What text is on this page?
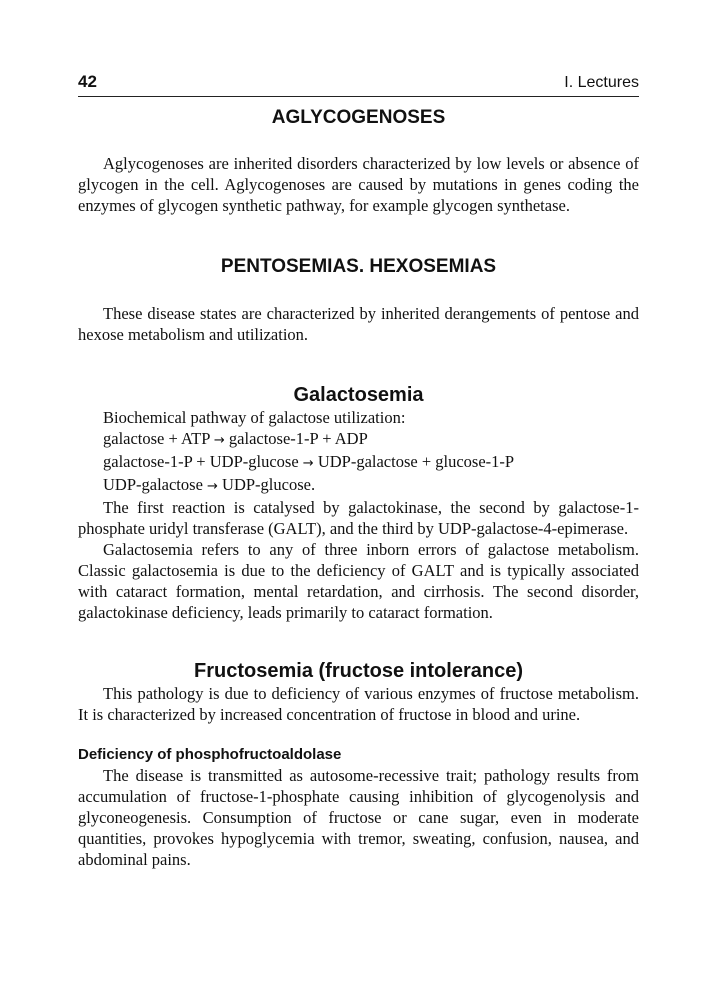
42	I. Lectures
AGLYCOGENOSES

Aglycogenoses are inherited disorders characterized by low levels or absence of glycogen in the cell. Aglycogenoses are caused by mutations in genes coding the enzymes of glycogen synthetic pathway, for example glycogen synthetase.

PENTOSEMIAS. HEXOSEMIAS

These disease states are characterized by inherited derangements of pentose and hexose metabolism and utilization.

Galactosemia

Biochemical pathway of galactose utilization:

galactose + ATP → galactose-1-P + ADP
galactose-1-P + UDP-glucose → UDP-galactose + glucose-1-P
UDP-galactose → UDP-glucose.

The first reaction is catalysed by galactokinase, the second by galactose-1-phosphate uridyl transferase (GALT), and the third by UDP-galactose-4-epimerase.

Galactosemia refers to any of three inborn errors of galactose metabolism. Classic galactosemia is due to the deficiency of GALT and is typically associated with cataract formation, mental retardation, and cirrhosis. The second disorder, galactokinase deficiency, leads primarily to cataract formation.

Fructosemia (fructose intolerance)

This pathology is due to deficiency of various enzymes of fructose metabolism. It is characterized by increased concentration of fructose in blood and urine.

Deficiency of phosphofructoaldolase

The disease is transmitted as autosome-recessive trait; pathology results from accumulation of fructose-1-phosphate causing inhibition of glycogenolysis and glyconeogenesis. Consumption of fructose or cane sugar, even in moderate quantities, provokes hypoglycemia with tremor, sweating, confusion, nausea, and abdominal pains.
